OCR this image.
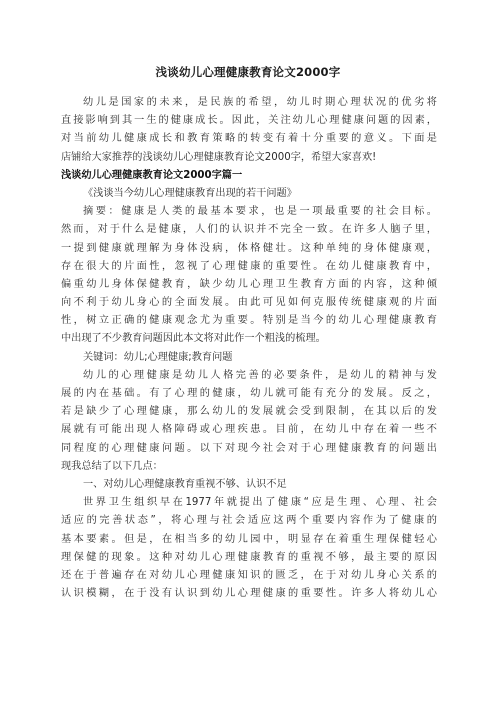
浅谈幼儿心理健康教育论文2000字
幼儿是国家的未来，是民族的希望，幼儿时期心理状况的优劣将
直接影响到其一生的健康成长。因此，关注幼儿心理健康问题的因素，
对当前幼儿健康成长和教育策略的转变有着十分重要的意义。下面是
店铺给大家推荐的浅谈幼儿心理健康教育论文2000字，希望大家喜欢!
浅谈幼儿心理健康教育论文2000字篇一
《浅谈当今幼儿心理健康教育出现的若干问题》
摘要：健康是人类的最基本要求，也是一项最重要的社会目标。
然而，对于什么是健康，人们的认识并不完全一致。在许多人脑子里，
一提到健康就理解为身体没病，体格健壮。这种单纯的身体健康观，
存在很大的片面性，忽视了心理健康的重要性。在幼儿健康教育中，
偏重幼儿身体保健教育，缺少幼儿心理卫生教育方面的内容，这种倾
向不利于幼儿身心的全面发展。由此可见如何克服传统健康观的片面
性，树立正确的健康观念尤为重要。特别是当今的幼儿心理健康教育
中出现了不少教育问题因此本文将对此作一个粗浅的梳理。
关键词：幼儿;心理健康;教育问题
幼儿的心理健康是幼儿人格完善的必要条件，是幼儿的精神与发
展的内在基础。有了心理的健康，幼儿就可能有充分的发展。反之，
若是缺少了心理健康，那么幼儿的发展就会受到限制，在其以后的发
展就有可能出现人格障碍或心理疾患。目前，在幼儿中存在着一些不
同程度的心理健康问题。以下对现今社会对于心理健康教育的问题出
现我总结了以下几点：
一、对幼儿心理健康教育重视不够、认识不足
世界卫生组织早在1977年就提出了健康“应是生理、心理、社会
适应的完善状态”，将心理与社会适应这两个重要内容作为了健康的
基本要素。但是，在相当多的幼儿园中，明显存在着重生理保健轻心
理保健的现象。这种对幼儿心理健康教育的重视不够，最主要的原因
还在于普遍存在对幼儿心理健康知识的匮乏，在于对幼儿身心关系的
认识模糊，在于没有认识到幼儿心理健康的重要性。许多人将幼儿心
